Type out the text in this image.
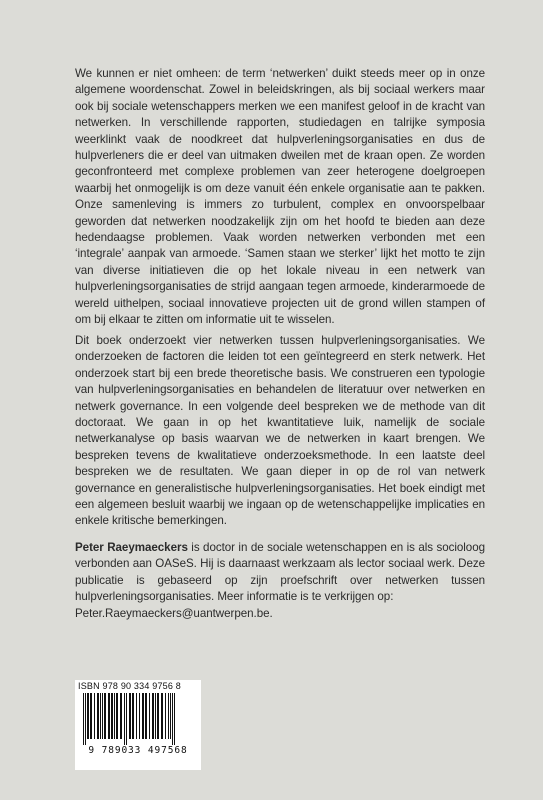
We kunnen er niet omheen: de term ‘netwerken’ duikt steeds meer op in onze algemene woordenschat. Zowel in beleidskringen, als bij sociaal werkers maar ook bij sociale wetenschappers merken we een manifest geloof in de kracht van netwerken. In verschillende rapporten, studiedagen en talrijke symposia weerklinkt vaak de noodkreet dat hulpverleningsorganisaties en dus de hulpverleners die er deel van uitmaken dweilen met de kraan open. Ze worden geconfronteerd met complexe problemen van zeer heterogene doelgroepen waarbij het onmogelijk is om deze vanuit één enkele organisatie aan te pakken. Onze samenleving is immers zo turbulent, complex en onvoorspelbaar geworden dat netwerken noodzakelijk zijn om het hoofd te bieden aan deze hedendaagse problemen. Vaak worden netwerken verbonden met een ‘integrale’ aanpak van armoede. ‘Samen staan we sterker’ lijkt het motto te zijn van diverse initiatieven die op het lokale niveau in een netwerk van hulpverleningsorganisaties de strijd aangaan tegen armoede, kinderarmoede de wereld uithelpen, sociaal innovatieve projecten uit de grond willen stampen of om bij elkaar te zitten om informatie uit te wisselen.

Dit boek onderzoekt vier netwerken tussen hulpverleningsorganisaties. We onderzoeken de factoren die leiden tot een geïntegreerd en sterk netwerk. Het onderzoek start bij een brede theoretische basis. We construeren een typologie van hulpverleningsorganisaties en behandelen de literatuur over netwerken en netwerk governance. In een volgende deel bespreken we de methode van dit doctoraat. We gaan in op het kwantitatieve luik, namelijk de sociale netwerkanalyse op basis waarvan we de netwerken in kaart brengen. We bespreken tevens de kwalitatieve onderzoeksmethode. In een laatste deel bespreken we de resultaten. We gaan dieper in op de rol van netwerk governance en generalistische hulpverleningsorganisaties. Het boek eindigt met een algemeen besluit waarbij we ingaan op de wetenschappelijke implicaties en enkele kritische bemerkingen.

Peter Raeymaeckers is doctor in de sociale wetenschappen en is als socioloog verbonden aan OASeS. Hij is daarnaast werkzaam als lector sociaal werk. Deze publicatie is gebaseerd op zijn proefschrift over netwerken tussen hulpverleningsorganisaties. Meer informatie is te verkrijgen op:
Peter.Raeymaeckers@uantwerpen.be.

ISBN 978 90 334 9756 8
9 789033 497568
